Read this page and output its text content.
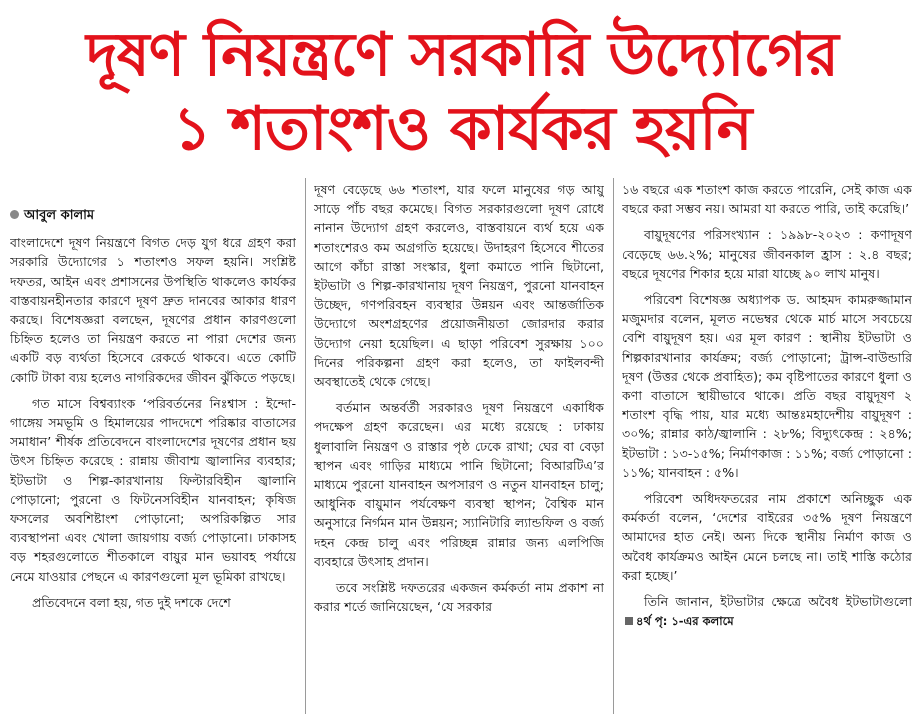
দূষণ নিয়ন্ত্রণে সরকারি উদ্যোগের
১ শতাংশও কার্যকর হয়নি
আবুল কালাম

বাংলাদেশে দূষণ নিয়ন্ত্রণে বিগত দেড় যুগ ধরে গ্রহণ করা সরকারি উদ্যোগের ১ শতাংশও সফল হয়নি। সংশ্লিষ্ট দফতর, আইন এবং প্রশাসনের উপস্থিতি থাকলেও কার্যকর বাস্তবায়নহীনতার কারণে দূষণ দ্রুত দানবের আকার ধারণ করছে। বিশেষজ্ঞরা বলছেন, দূষণের প্রধান কারণগুলো চিহ্নিত হলেও তা নিয়ন্ত্রণ করতে না পারা দেশের জন্য একটি বড় ব্যর্থতা হিসেবে রেকর্ডে থাকবে। এতে কোটি কোটি টাকা ব্যয় হলেও নাগরিকদের জীবন ঝুঁকিতে পড়ছে।

গত মাসে বিশ্বব্যাংক ‘পরিবর্তনের নিঃশ্বাস : ইন্দো-গাঙ্গেয় সমভূমি ও হিমালয়ের পাদদেশে পরিষ্কার বাতাসের সমাধান’ শীর্ষক প্রতিবেদনে বাংলাদেশের দূষণের প্রধান ছয় উৎস চিহ্নিত করেছে : রান্নায় জীবাশ্ম জ্বালানির ব্যবহার; ইটভাটা ও শিল্প-কারখানায় ফিল্টারবিহীন জ্বালানি পোড়ানো; পুরনো ও ফিটনেসবিহীন যানবাহন; কৃষিজ ফসলের অবশিষ্টাংশ পোড়ানো; অপরিকল্পিত সার ব্যবস্থাপনা এবং খোলা জায়গায় বর্জ্য পোড়ানো। ঢাকাসহ বড় শহরগুলোতে শীতকালে বায়ুর মান ভয়াবহ পর্যায়ে নেমে যাওয়ার পেছনে এ কারণগুলো মূল ভূমিকা রাখছে।

প্রতিবেদনে বলা হয়, গত দুই দশকে দেশে

দূষণ বেড়েছে ৬৬ শতাংশ, যার ফলে মানুষের গড় আয়ু সাড়ে পাঁচ বছর কমেছে। বিগত সরকারগুলো দূষণ রোধে নানান উদ্যোগ গ্রহণ করলেও, বাস্তবায়নে ব্যর্থ হয়ে এক শতাংশেরও কম অগ্রগতি হয়েছে। উদাহরণ হিসেবে শীতের আগে কাঁচা রাস্তা সংস্কার, ধুলা কমাতে পানি ছিটানো, ইটভাটা ও শিল্প-কারখানায় দূষণ নিয়ন্ত্রণ, পুরনো যানবাহন উচ্ছেদ, গণপরিবহন ব্যবস্থার উন্নয়ন এবং আন্তর্জাতিক উদ্যোগে অংশগ্রহণের প্রয়োজনীয়তা জোরদার করার উদ্যোগ নেয়া হয়েছিল। এ ছাড়া পরিবেশ সুরক্ষায় ১০০ দিনের পরিকল্পনা গ্রহণ করা হলেও, তা ফাইলবন্দী অবস্থাতেই থেকে গেছে।

বর্তমান অন্তর্বর্তী সরকারও দূষণ নিয়ন্ত্রণে একাধিক পদক্ষেপ গ্রহণ করেছেন। এর মধ্যে রয়েছে : ঢাকায় ধুলাবালি নিয়ন্ত্রণ ও রাস্তার পৃষ্ঠ ঢেকে রাখা; ঘের বা বেড়া স্থাপন এবং গাড়ির মাধ্যমে পানি ছিটানো; বিআরটিএ’র মাধ্যমে পুরনো যানবাহন অপসারণ ও নতুন যানবাহন চালু; আধুনিক বায়ুমান পর্যবেক্ষণ ব্যবস্থা স্থাপন; বৈশ্বিক মান অনুসারে নির্গমন মান উন্নয়ন; স্যানিটারি ল্যান্ডফিল ও বর্জ্য দহন কেন্দ্র চালু এবং পরিচ্ছন্ন রান্নার জন্য এলপিজি ব্যবহারে উৎসাহ প্রদান।

তবে সংশ্লিষ্ট দফতরের একজন কর্মকর্তা নাম প্রকাশ না করার শর্তে জানিয়েছেন, ‘যে সরকার

১৬ বছরে এক শতাংশ কাজ করতে পারেনি, সেই কাজ এক বছরে করা সম্ভব নয়। আমরা যা করতে পারি, তাই করেছি।’

বায়ুদূষণের পরিসংখ্যান : ১৯৯৮-২০২৩ : কণাদূষণ বেড়েছে ৬৬.২%; মানুষের জীবনকাল হ্রাস : ২.৪ বছর; বছরে দূষণের শিকার হয়ে মারা যাচ্ছে ৯০ লাখ মানুষ।

পরিবেশ বিশেষজ্ঞ অধ্যাপক ড. আহমদ কামরুজ্জামান মজুমদার বলেন, মূলত নভেম্বর থেকে মার্চ মাসে সবচেয়ে বেশি বায়ুদূষণ হয়। এর মূল কারণ : স্থানীয় ইটভাটা ও শিল্পকারখানার কার্যক্রম; বর্জ্য পোড়ানো; ট্রান্স-বাউন্ডারি দূষণ (উত্তর থেকে প্রবাহিত); কম বৃষ্টিপাতের কারণে ধুলা ও কণা বাতাসে স্থায়ীভাবে থাকে। প্রতি বছর বায়ুদূষণ ২ শতাংশ বৃদ্ধি পায়, যার মধ্যে আন্তঃমহাদেশীয় বায়ুদূষণ : ৩০%; রান্নার কাঠ/জ্বালানি : ২৮%; বিদ্যুৎকেন্দ্র : ২৪%; ইটভাটা : ১৩-১৫%; নির্মাণকাজ : ১১%; বর্জ্য পোড়ানো : ১১%; যানবাহন : ৫%।

পরিবেশ অধিদফতরের নাম প্রকাশে অনিচ্ছুক এক কর্মকর্তা বলেন, ‘দেশের বাইরের ৩৫% দূষণ নিয়ন্ত্রণে আমাদের হাত নেই। অন্য দিকে স্থানীয় নির্মাণ কাজ ও অবৈধ কার্যক্রমও আইন মেনে চলছে না। তাই শাস্তি কঠোর করা হচ্ছে।’

তিনি জানান, ইটভাটার ক্ষেত্রে অবৈধ ইটভাটাগুলো ৪র্থ পৃ: ১-এর কলামে
